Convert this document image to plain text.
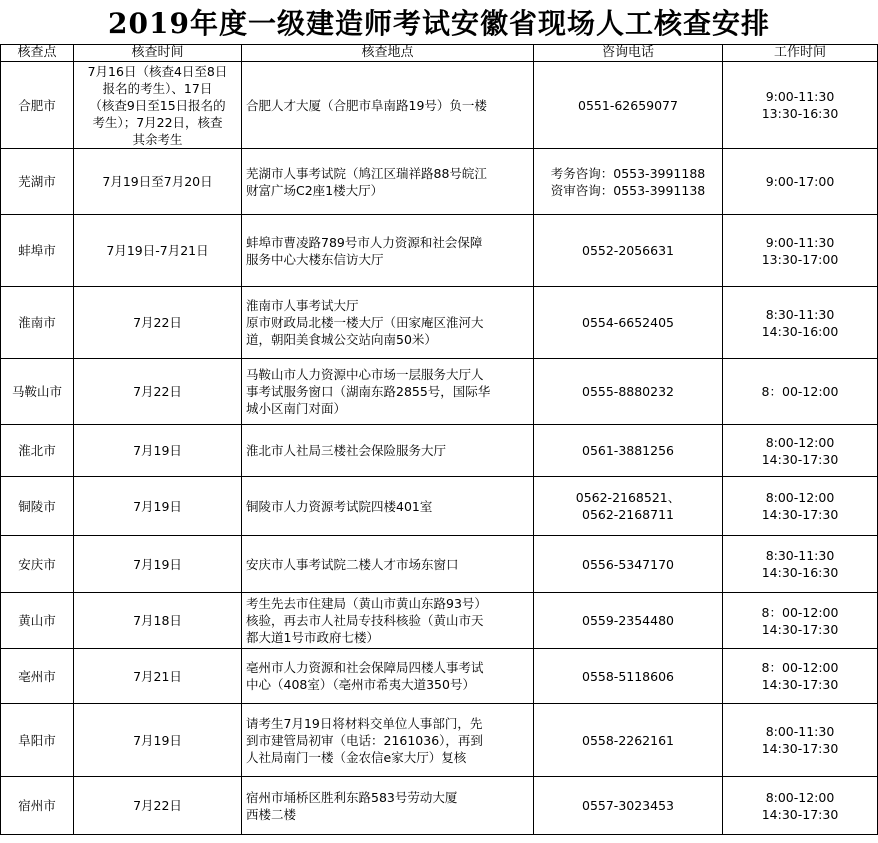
2019年度一级建造师考试安徽省现场人工核查安排
核查点	核查时间	核查地点	咨询电话	工作时间
合肥市	7月16日（核查4日至8日
报名的考生）、17日
（核查9日至15日报名的
考生）；7月22日，核查
其余考生	合肥人才大厦（合肥市阜南路19号）负一楼	0551-62659077	9:00-11:30
13:30-16:30

芜湖市	7月19日至7月20日	芜湖市人事考试院（鸠江区瑞祥路88号皖江
财富广场C2座1楼大厅）	考务咨询：0553-3991188
资审咨询：0553-3991138	9:00-17:00

蚌埠市	7月19日-7月21日	蚌埠市曹凌路789号市人力资源和社会保障
服务中心大楼东信访大厅	0552-2056631	9:00-11:30
13:30-17:00

淮南市	7月22日	淮南市人事考试大厅
原市财政局北楼一楼大厅（田家庵区淮河大
道，朝阳美食城公交站向南50米）	0554-6652405	8:30-11:30
14:30-16:00

马鞍山市	7月22日	马鞍山市人力资源中心市场一层服务大厅人
事考试服务窗口（湖南东路2855号，国际华
城小区南门对面）	0555-8880232	8：00-12:00

淮北市	7月19日	淮北市人社局三楼社会保险服务大厅	0561-3881256	8:00-12:00
14:30-17:30

铜陵市	7月19日	铜陵市人力资源考试院四楼401室	0562-2168521、
0562-2168711	8:00-12:00
14:30-17:30

安庆市	7月19日	安庆市人事考试院二楼人才市场东窗口	0556-5347170	8:30-11:30
14:30-16:30

黄山市	7月18日	考生先去市住建局（黄山市黄山东路93号）
核验，再去市人社局专技科核验（黄山市天
都大道1号市政府七楼）	0559-2354480	8：00-12:00
14:30-17:30

亳州市	7月21日	亳州市人力资源和社会保障局四楼人事考试
中心（408室）（亳州市希夷大道350号）	0558-5118606	8：00-12:00
14:30-17:30

阜阳市	7月19日	请考生7月19日将材料交单位人事部门，先
到市建管局初审（电话：2161036），再到
人社局南门一楼（金农信e家大厅）复核	0558-2262161	8:00-11:30
14:30-17:30

宿州市	7月22日	宿州市埇桥区胜利东路583号劳动大厦
西楼二楼	0557-3023453	8:00-12:00
14:30-17:30
